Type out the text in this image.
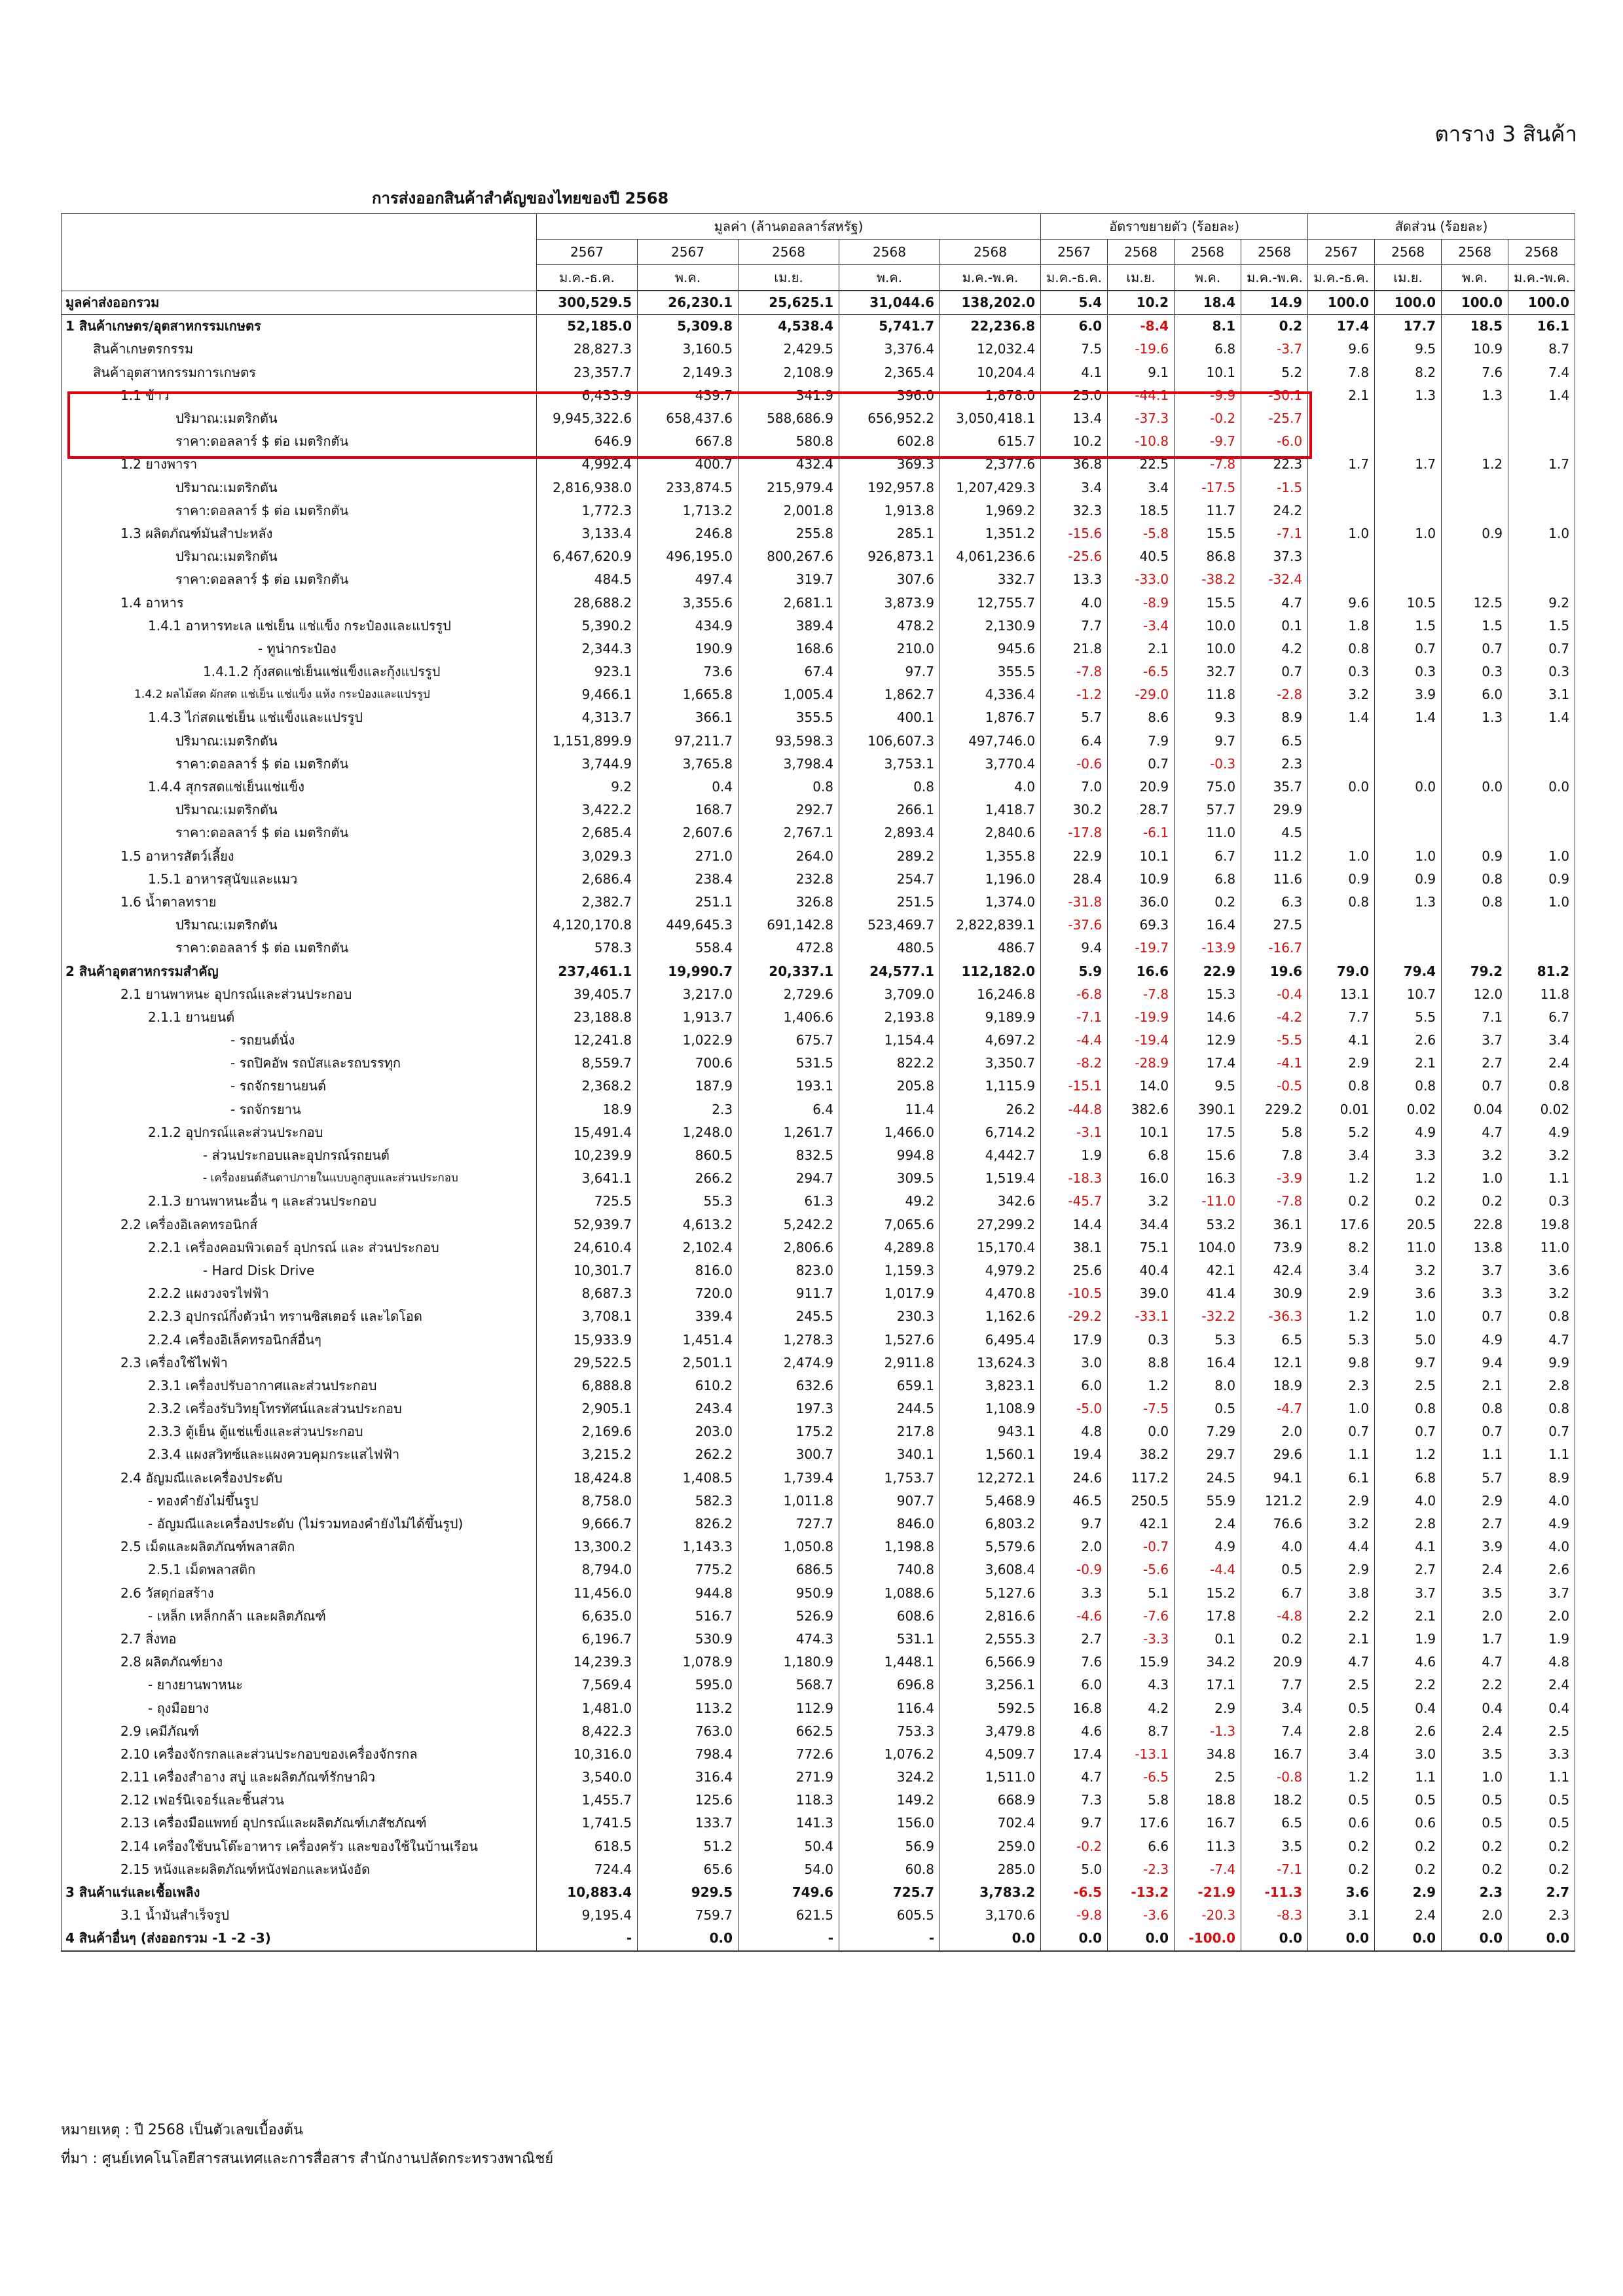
ตาราง 3 สินค้า
การส่งออกสินค้าสำคัญของไทยของปี 2568
	มูลค่า (ล้านดอลลาร์สหรัฐ)					อัตราขยายตัว (ร้อยละ)				สัดส่วน (ร้อยละ)			
	2567	2567	2568	2568	2568	2567	2568	2568	2568	2567	2568	2568	2568
	ม.ค.-ธ.ค.	พ.ค.	เม.ย.	พ.ค.	ม.ค.-พ.ค.	ม.ค.-ธ.ค.	เม.ย.	พ.ค.	ม.ค.-พ.ค.	ม.ค.-ธ.ค.	เม.ย.	พ.ค.	ม.ค.-พ.ค.
มูลค่าส่งออกรวม	300,529.5	26,230.1	25,625.1	31,044.6	138,202.0	5.4	10.2	18.4	14.9	100.0	100.0	100.0	100.0
1 สินค้าเกษตร/อุตสาหกรรมเกษตร	52,185.0	5,309.8	4,538.4	5,741.7	22,236.8	6.0	-8.4	8.1	0.2	17.4	17.7	18.5	16.1
สินค้าเกษตรกรรม	28,827.3	3,160.5	2,429.5	3,376.4	12,032.4	7.5	-19.6	6.8	-3.7	9.6	9.5	10.9	8.7
สินค้าอุตสาหกรรมการเกษตร	23,357.7	2,149.3	2,108.9	2,365.4	10,204.4	4.1	9.1	10.1	5.2	7.8	8.2	7.6	7.4
1.1 ข้าว	6,433.9	439.7	341.9	396.0	1,878.0	25.0	-44.1	-9.9	-30.1	2.1	1.3	1.3	1.4
ปริมาณ:เมตริกตัน	9,945,322.6	658,437.6	588,686.9	656,952.2	3,050,418.1	13.4	-37.3	-0.2	-25.7				
ราคา:ดอลลาร์ $ ต่อ เมตริกตัน	646.9	667.8	580.8	602.8	615.7	10.2	-10.8	-9.7	-6.0				
1.2 ยางพารา	4,992.4	400.7	432.4	369.3	2,377.6	36.8	22.5	-7.8	22.3	1.7	1.7	1.2	1.7
ปริมาณ:เมตริกตัน	2,816,938.0	233,874.5	215,979.4	192,957.8	1,207,429.3	3.4	3.4	-17.5	-1.5				
ราคา:ดอลลาร์ $ ต่อ เมตริกตัน	1,772.3	1,713.2	2,001.8	1,913.8	1,969.2	32.3	18.5	11.7	24.2				
1.3 ผลิตภัณฑ์มันสำปะหลัง	3,133.4	246.8	255.8	285.1	1,351.2	-15.6	-5.8	15.5	-7.1	1.0	1.0	0.9	1.0
ปริมาณ:เมตริกตัน	6,467,620.9	496,195.0	800,267.6	926,873.1	4,061,236.6	-25.6	40.5	86.8	37.3				
ราคา:ดอลลาร์ $ ต่อ เมตริกตัน	484.5	497.4	319.7	307.6	332.7	13.3	-33.0	-38.2	-32.4				
1.4 อาหาร	28,688.2	3,355.6	2,681.1	3,873.9	12,755.7	4.0	-8.9	15.5	4.7	9.6	10.5	12.5	9.2
1.4.1 อาหารทะเล แช่เย็น แช่แข็ง กระป๋องและแปรรูป	5,390.2	434.9	389.4	478.2	2,130.9	7.7	-3.4	10.0	0.1	1.8	1.5	1.5	1.5
- ทูน่ากระป๋อง	2,344.3	190.9	168.6	210.0	945.6	21.8	2.1	10.0	4.2	0.8	0.7	0.7	0.7
1.4.1.2 กุ้งสดแช่เย็นแช่แข็งและกุ้งแปรรูป	923.1	73.6	67.4	97.7	355.5	-7.8	-6.5	32.7	0.7	0.3	0.3	0.3	0.3
1.4.2 ผลไม้สด ผักสด แช่เย็น แช่แข็ง แห้ง กระป๋องและแปรรูป	9,466.1	1,665.8	1,005.4	1,862.7	4,336.4	-1.2	-29.0	11.8	-2.8	3.2	3.9	6.0	3.1
1.4.3 ไก่สดแช่เย็น แช่แข็งและแปรรูป	4,313.7	366.1	355.5	400.1	1,876.7	5.7	8.6	9.3	8.9	1.4	1.4	1.3	1.4
ปริมาณ:เมตริกตัน	1,151,899.9	97,211.7	93,598.3	106,607.3	497,746.0	6.4	7.9	9.7	6.5				
ราคา:ดอลลาร์ $ ต่อ เมตริกตัน	3,744.9	3,765.8	3,798.4	3,753.1	3,770.4	-0.6	0.7	-0.3	2.3				
1.4.4 สุกรสดแช่เย็นแช่แข็ง	9.2	0.4	0.8	0.8	4.0	7.0	20.9	75.0	35.7	0.0	0.0	0.0	0.0
ปริมาณ:เมตริกตัน	3,422.2	168.7	292.7	266.1	1,418.7	30.2	28.7	57.7	29.9				
ราคา:ดอลลาร์ $ ต่อ เมตริกตัน	2,685.4	2,607.6	2,767.1	2,893.4	2,840.6	-17.8	-6.1	11.0	4.5				
1.5 อาหารสัตว์เลี้ยง	3,029.3	271.0	264.0	289.2	1,355.8	22.9	10.1	6.7	11.2	1.0	1.0	0.9	1.0
1.5.1 อาหารสุนัขและแมว	2,686.4	238.4	232.8	254.7	1,196.0	28.4	10.9	6.8	11.6	0.9	0.9	0.8	0.9
1.6 น้ำตาลทราย	2,382.7	251.1	326.8	251.5	1,374.0	-31.8	36.0	0.2	6.3	0.8	1.3	0.8	1.0
ปริมาณ:เมตริกตัน	4,120,170.8	449,645.3	691,142.8	523,469.7	2,822,839.1	-37.6	69.3	16.4	27.5				
ราคา:ดอลลาร์ $ ต่อ เมตริกตัน	578.3	558.4	472.8	480.5	486.7	9.4	-19.7	-13.9	-16.7				
2 สินค้าอุตสาหกรรมสำคัญ	237,461.1	19,990.7	20,337.1	24,577.1	112,182.0	5.9	16.6	22.9	19.6	79.0	79.4	79.2	81.2
2.1 ยานพาหนะ อุปกรณ์และส่วนประกอบ	39,405.7	3,217.0	2,729.6	3,709.0	16,246.8	-6.8	-7.8	15.3	-0.4	13.1	10.7	12.0	11.8
2.1.1 ยานยนต์	23,188.8	1,913.7	1,406.6	2,193.8	9,189.9	-7.1	-19.9	14.6	-4.2	7.7	5.5	7.1	6.7
- รถยนต์นั่ง	12,241.8	1,022.9	675.7	1,154.4	4,697.2	-4.4	-19.4	12.9	-5.5	4.1	2.6	3.7	3.4
- รถปิคอัพ รถบัสและรถบรรทุก	8,559.7	700.6	531.5	822.2	3,350.7	-8.2	-28.9	17.4	-4.1	2.9	2.1	2.7	2.4
- รถจักรยานยนต์	2,368.2	187.9	193.1	205.8	1,115.9	-15.1	14.0	9.5	-0.5	0.8	0.8	0.7	0.8
- รถจักรยาน	18.9	2.3	6.4	11.4	26.2	-44.8	382.6	390.1	229.2	0.01	0.02	0.04	0.02
2.1.2 อุปกรณ์และส่วนประกอบ	15,491.4	1,248.0	1,261.7	1,466.0	6,714.2	-3.1	10.1	17.5	5.8	5.2	4.9	4.7	4.9
- ส่วนประกอบและอุปกรณ์รถยนต์	10,239.9	860.5	832.5	994.8	4,442.7	1.9	6.8	15.6	7.8	3.4	3.3	3.2	3.2
- เครื่องยนต์สันดาปภายในแบบลูกสูบและส่วนประกอบ	3,641.1	266.2	294.7	309.5	1,519.4	-18.3	16.0	16.3	-3.9	1.2	1.2	1.0	1.1
2.1.3 ยานพาหนะอื่น ๆ และส่วนประกอบ	725.5	55.3	61.3	49.2	342.6	-45.7	3.2	-11.0	-7.8	0.2	0.2	0.2	0.3
2.2 เครื่องอิเลคทรอนิกส์	52,939.7	4,613.2	5,242.2	7,065.6	27,299.2	14.4	34.4	53.2	36.1	17.6	20.5	22.8	19.8
2.2.1 เครื่องคอมพิวเตอร์ อุปกรณ์ และ ส่วนประกอบ	24,610.4	2,102.4	2,806.6	4,289.8	15,170.4	38.1	75.1	104.0	73.9	8.2	11.0	13.8	11.0
- Hard Disk Drive	10,301.7	816.0	823.0	1,159.3	4,979.2	25.6	40.4	42.1	42.4	3.4	3.2	3.7	3.6
2.2.2 แผงวงจรไฟฟ้า	8,687.3	720.0	911.7	1,017.9	4,470.8	-10.5	39.0	41.4	30.9	2.9	3.6	3.3	3.2
2.2.3 อุปกรณ์กึ่งตัวนำ ทรานซิสเตอร์ และไดโอด	3,708.1	339.4	245.5	230.3	1,162.6	-29.2	-33.1	-32.2	-36.3	1.2	1.0	0.7	0.8
2.2.4 เครื่องอิเล็คทรอนิกส์อื่นๆ	15,933.9	1,451.4	1,278.3	1,527.6	6,495.4	17.9	0.3	5.3	6.5	5.3	5.0	4.9	4.7
2.3 เครื่องใช้ไฟฟ้า	29,522.5	2,501.1	2,474.9	2,911.8	13,624.3	3.0	8.8	16.4	12.1	9.8	9.7	9.4	9.9
2.3.1 เครื่องปรับอากาศและส่วนประกอบ	6,888.8	610.2	632.6	659.1	3,823.1	6.0	1.2	8.0	18.9	2.3	2.5	2.1	2.8
2.3.2 เครื่องรับวิทยุโทรทัศน์และส่วนประกอบ	2,905.1	243.4	197.3	244.5	1,108.9	-5.0	-7.5	0.5	-4.7	1.0	0.8	0.8	0.8
2.3.3 ตู้เย็น ตู้แช่แข็งและส่วนประกอบ	2,169.6	203.0	175.2	217.8	943.1	4.8	0.0	7.29	2.0	0.7	0.7	0.7	0.7
2.3.4 แผงสวิทซ์และแผงควบคุมกระแสไฟฟ้า	3,215.2	262.2	300.7	340.1	1,560.1	19.4	38.2	29.7	29.6	1.1	1.2	1.1	1.1
2.4 อัญมณีและเครื่องประดับ	18,424.8	1,408.5	1,739.4	1,753.7	12,272.1	24.6	117.2	24.5	94.1	6.1	6.8	5.7	8.9
- ทองคำยังไม่ขึ้นรูป	8,758.0	582.3	1,011.8	907.7	5,468.9	46.5	250.5	55.9	121.2	2.9	4.0	2.9	4.0
- อัญมณีและเครื่องประดับ (ไม่รวมทองคำยังไม่ได้ขึ้นรูป)	9,666.7	826.2	727.7	846.0	6,803.2	9.7	42.1	2.4	76.6	3.2	2.8	2.7	4.9
2.5 เม็ดและผลิตภัณฑ์พลาสติก	13,300.2	1,143.3	1,050.8	1,198.8	5,579.6	2.0	-0.7	4.9	4.0	4.4	4.1	3.9	4.0
2.5.1 เม็ดพลาสติก	8,794.0	775.2	686.5	740.8	3,608.4	-0.9	-5.6	-4.4	0.5	2.9	2.7	2.4	2.6
2.6 วัสดุก่อสร้าง	11,456.0	944.8	950.9	1,088.6	5,127.6	3.3	5.1	15.2	6.7	3.8	3.7	3.5	3.7
- เหล็ก เหล็กกล้า และผลิตภัณฑ์	6,635.0	516.7	526.9	608.6	2,816.6	-4.6	-7.6	17.8	-4.8	2.2	2.1	2.0	2.0
2.7 สิ่งทอ	6,196.7	530.9	474.3	531.1	2,555.3	2.7	-3.3	0.1	0.2	2.1	1.9	1.7	1.9
2.8 ผลิตภัณฑ์ยาง	14,239.3	1,078.9	1,180.9	1,448.1	6,566.9	7.6	15.9	34.2	20.9	4.7	4.6	4.7	4.8
- ยางยานพาหนะ	7,569.4	595.0	568.7	696.8	3,256.1	6.0	4.3	17.1	7.7	2.5	2.2	2.2	2.4
- ถุงมือยาง	1,481.0	113.2	112.9	116.4	592.5	16.8	4.2	2.9	3.4	0.5	0.4	0.4	0.4
2.9 เคมีภัณฑ์	8,422.3	763.0	662.5	753.3	3,479.8	4.6	8.7	-1.3	7.4	2.8	2.6	2.4	2.5
2.10 เครื่องจักรกลและส่วนประกอบของเครื่องจักรกล	10,316.0	798.4	772.6	1,076.2	4,509.7	17.4	-13.1	34.8	16.7	3.4	3.0	3.5	3.3
2.11 เครื่องสำอาง สบู่ และผลิตภัณฑ์รักษาผิว	3,540.0	316.4	271.9	324.2	1,511.0	4.7	-6.5	2.5	-0.8	1.2	1.1	1.0	1.1
2.12 เฟอร์นิเจอร์และชิ้นส่วน	1,455.7	125.6	118.3	149.2	668.9	7.3	5.8	18.8	18.2	0.5	0.5	0.5	0.5
2.13 เครื่องมือแพทย์ อุปกรณ์และผลิตภัณฑ์เภสัชภัณฑ์	1,741.5	133.7	141.3	156.0	702.4	9.7	17.6	16.7	6.5	0.6	0.6	0.5	0.5
2.14 เครื่องใช้บนโต๊ะอาหาร เครื่องครัว และของใช้ในบ้านเรือน	618.5	51.2	50.4	56.9	259.0	-0.2	6.6	11.3	3.5	0.2	0.2	0.2	0.2
2.15 หนังและผลิตภัณฑ์หนังฟอกและหนังอัด	724.4	65.6	54.0	60.8	285.0	5.0	-2.3	-7.4	-7.1	0.2	0.2	0.2	0.2
3 สินค้าแร่และเชื้อเพลิง	10,883.4	929.5	749.6	725.7	3,783.2	-6.5	-13.2	-21.9	-11.3	3.6	2.9	2.3	2.7
3.1 น้ำมันสำเร็จรูป	9,195.4	759.7	621.5	605.5	3,170.6	-9.8	-3.6	-20.3	-8.3	3.1	2.4	2.0	2.3
4 สินค้าอื่นๆ (ส่งออกรวม -1 -2 -3)	-	0.0	-	-	0.0	0.0	0.0	-100.0	0.0	0.0	0.0	0.0	0.0
หมายเหตุ : ปี 2568 เป็นตัวเลขเบื้องต้น
ที่มา : ศูนย์เทคโนโลยีสารสนเทศและการสื่อสาร สำนักงานปลัดกระทรวงพาณิชย์
